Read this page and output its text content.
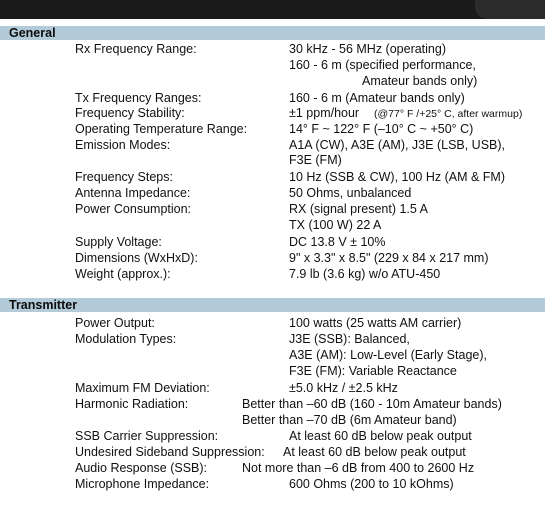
General

Rx Frequency Range:	30 kHz - 56 MHz (operating)

160 - 6 m (specified performance,

Amateur bands only)

Tx Frequency Ranges:	160 - 6 m (Amateur bands only)

Frequency Stability:	±1 ppm/hour (@77° F /+25° C, after warmup)

Operating Temperature Range:	14° F ~ 122° F (–10° C ~ +50° C)

Emission Modes:	A1A (CW), A3E (AM), J3E (LSB, USB),

F3E (FM)

Frequency Steps:	10 Hz (SSB & CW), 100 Hz (AM & FM)

Antenna Impedance:	50 Ohms, unbalanced

Power Consumption:	RX (signal present) 1.5 A

TX (100 W) 22 A

Supply Voltage:	DC 13.8 V ± 10%

Dimensions (WxHxD):	9" x 3.3" x 8.5" (229 x 84 x 217 mm)

Weight (approx.):	7.9 lb (3.6 kg) w/o ATU-450

Transmitter

Power Output:	100 watts (25 watts AM carrier)

Modulation Types:	J3E (SSB): Balanced,

A3E (AM): Low-Level (Early Stage),

F3E (FM): Variable Reactance

Maximum FM Deviation:	±5.0 kHz / ±2.5 kHz

Harmonic Radiation:	Better than –60 dB (160 - 10m Amateur bands)

Better than –70 dB (6m Amateur band)

SSB Carrier Suppression:	At least 60 dB below peak output

Undesired Sideband Suppression: At least 60 dB below peak output

Audio Response (SSB):	Not more than –6 dB from 400 to 2600 Hz

Microphone Impedance:	600 Ohms (200 to 10 kOhms)
